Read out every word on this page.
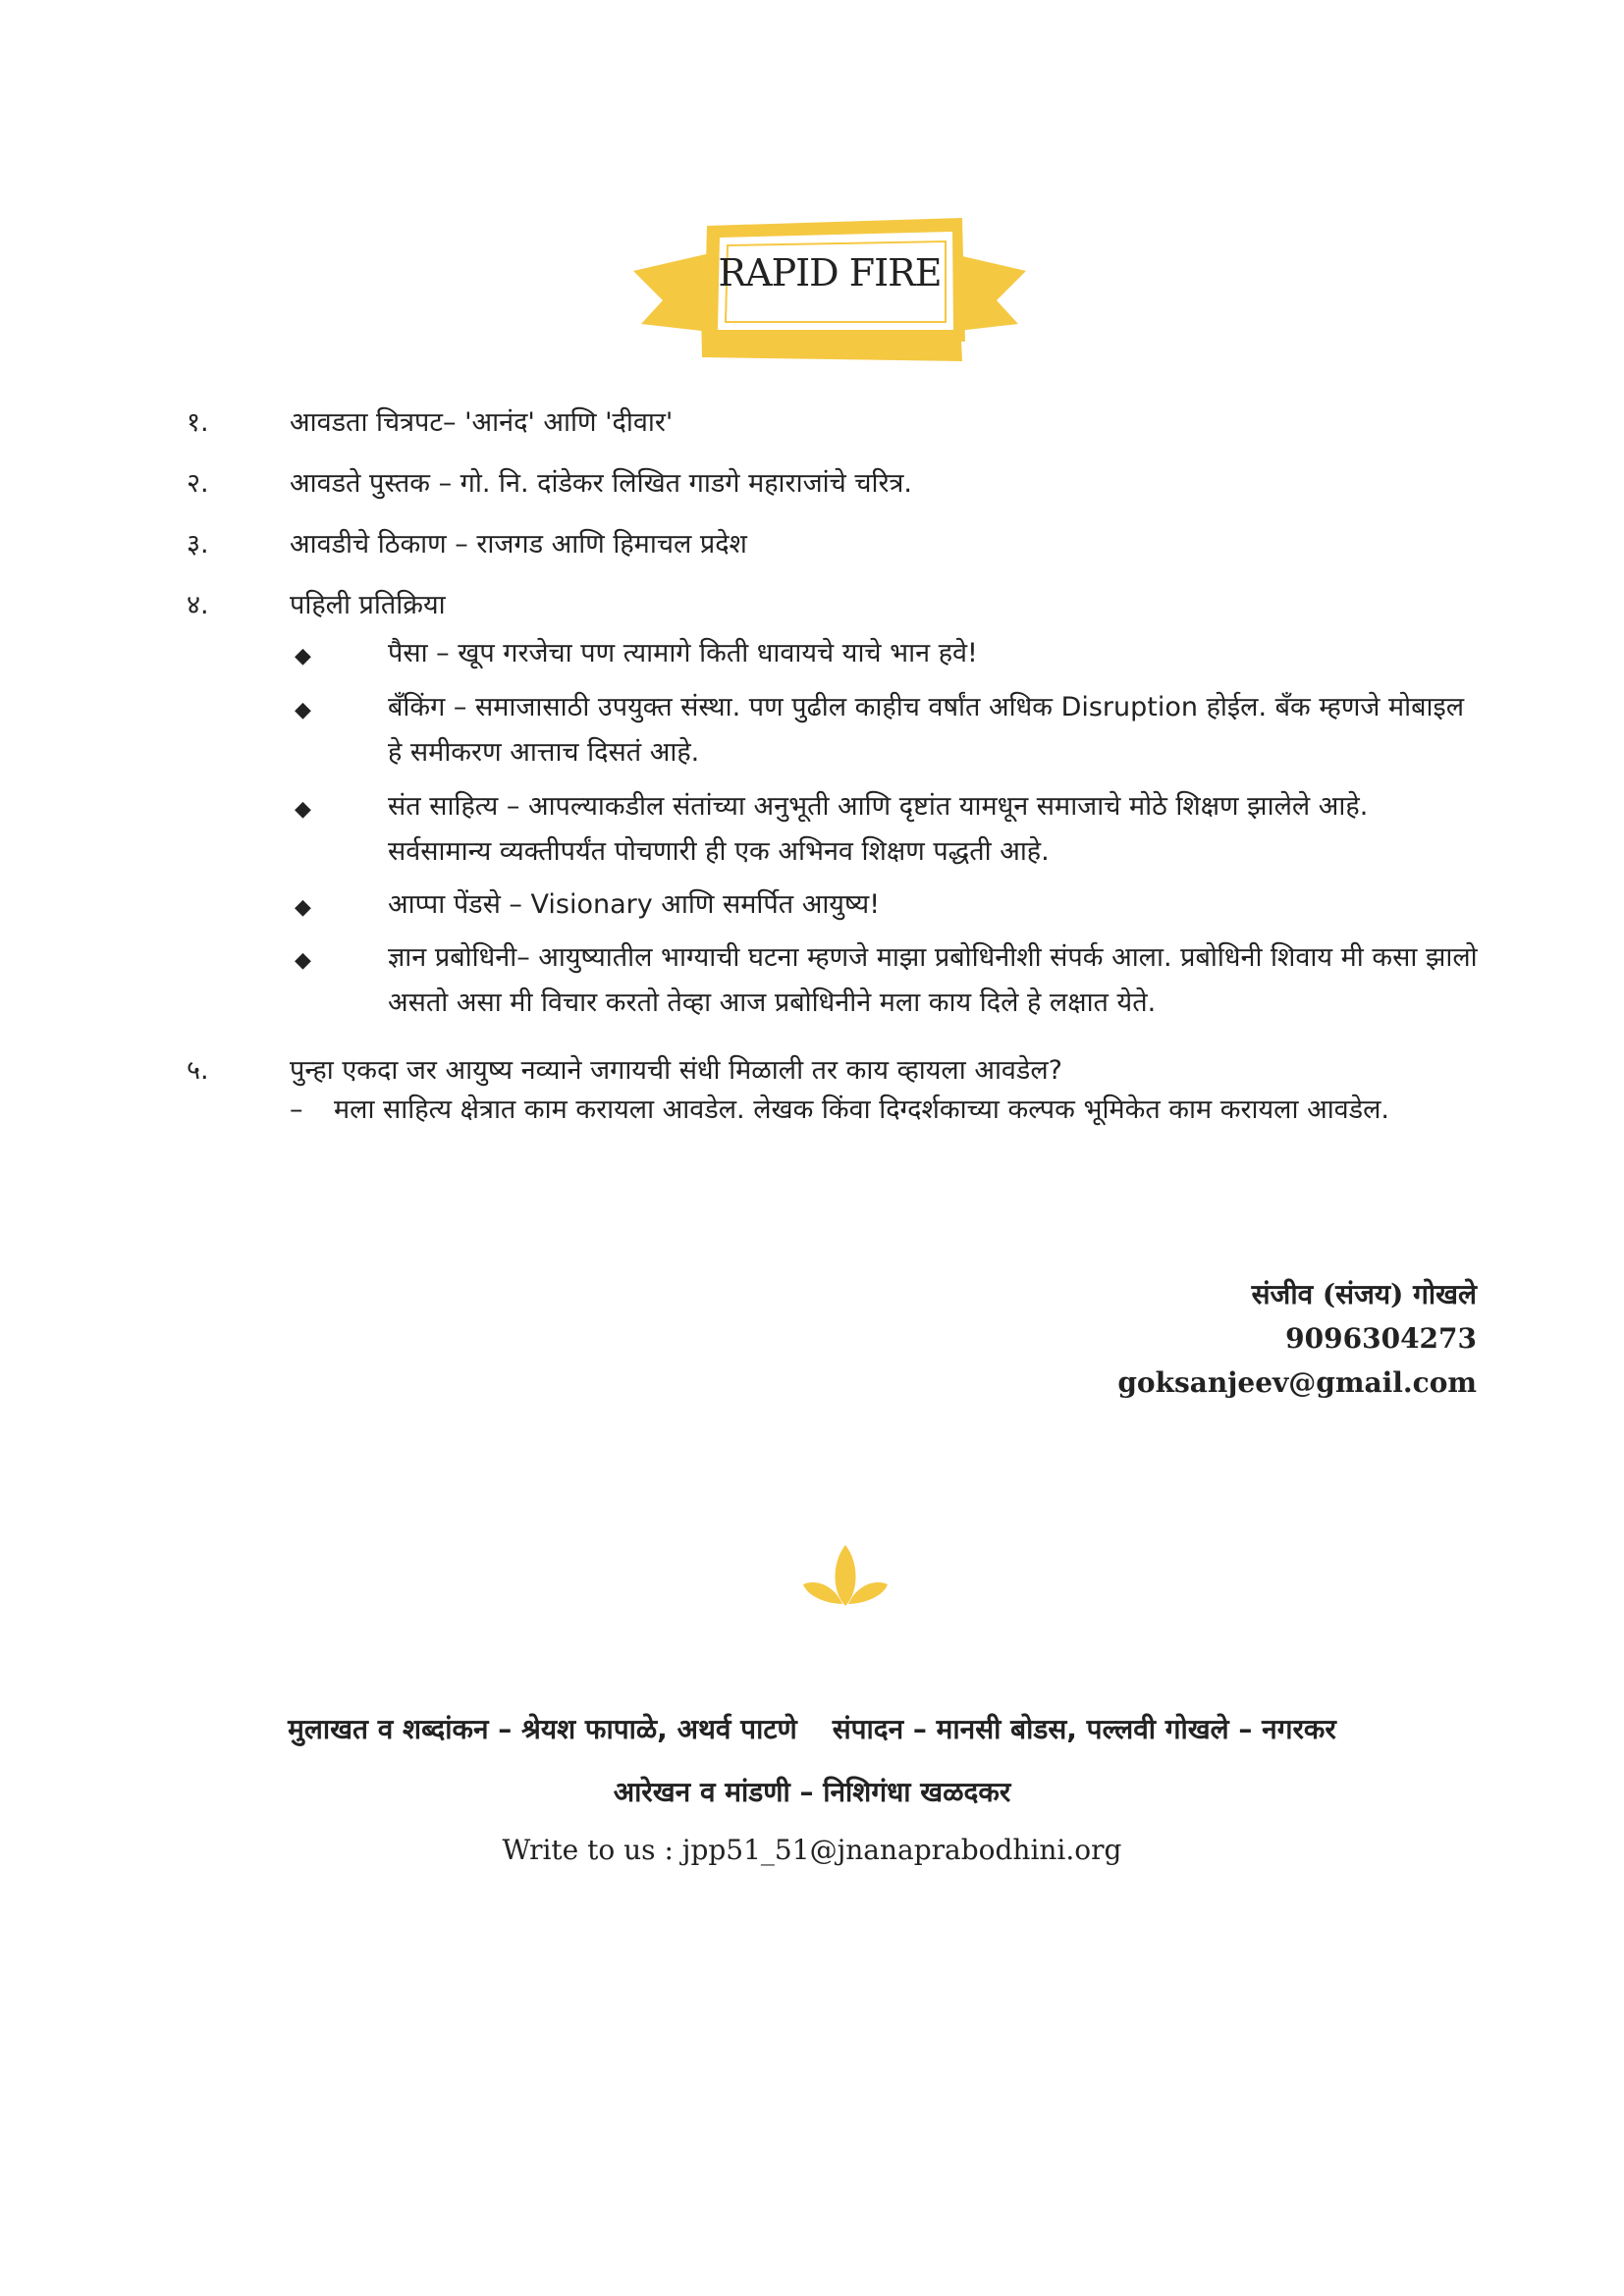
RAPID FIRE
१.	आवडता चित्रपट– 'आनंद' आणि 'दीवार'
२.	आवडते पुस्तक – गो. नि. दांडेकर लिखित गाडगे महाराजांचे चरित्र.
३.	आवडीचे ठिकाण – राजगड आणि हिमाचल प्रदेश
४.	पहिली प्रतिक्रिया
◆	पैसा – खूप गरजेचा पण त्यामागे किती धावायचे याचे भान हवे!
◆	बँकिंग – समाजासाठी उपयुक्त संस्था. पण पुढील काहीच वर्षांत अधिक Disruption होईल. बँक म्हणजे मोबाइल हे समीकरण आत्ताच दिसतं आहे.
◆	संत साहित्य – आपल्याकडील संतांच्या अनुभूती आणि दृष्टांत यामधून समाजाचे मोठे शिक्षण झालेले आहे. सर्वसामान्य व्यक्तीपर्यंत पोचणारी ही एक अभिनव शिक्षण पद्धती आहे.
◆	आप्पा पेंडसे – Visionary आणि समर्पित आयुष्य!
◆	ज्ञान प्रबोधिनी– आयुष्यातील भाग्याची घटना म्हणजे माझा प्रबोधिनीशी संपर्क आला. प्रबोधिनी शिवाय मी कसा झालो असतो असा मी विचार करतो तेव्हा आज प्रबोधिनीने मला काय दिले हे लक्षात येते.
५.	पुन्हा एकदा जर आयुष्य नव्याने जगायची संधी मिळाली तर काय व्हायला आवडेल?
– मला साहित्य क्षेत्रात काम करायला आवडेल. लेखक किंवा दिग्दर्शकाच्या कल्पक भूमिकेत काम करायला आवडेल.
संजीव (संजय) गोखले
9096304273
goksanjeev@gmail.com
मुलाखत व शब्दांकन – श्रेयश फापाळे, अथर्व पाटणे संपादन – मानसी बोडस, पल्लवी गोखले – नगरकर
आरेखन व मांडणी – निशिगंधा खळदकर
Write to us : jpp51_51@jnanaprabodhini.org
